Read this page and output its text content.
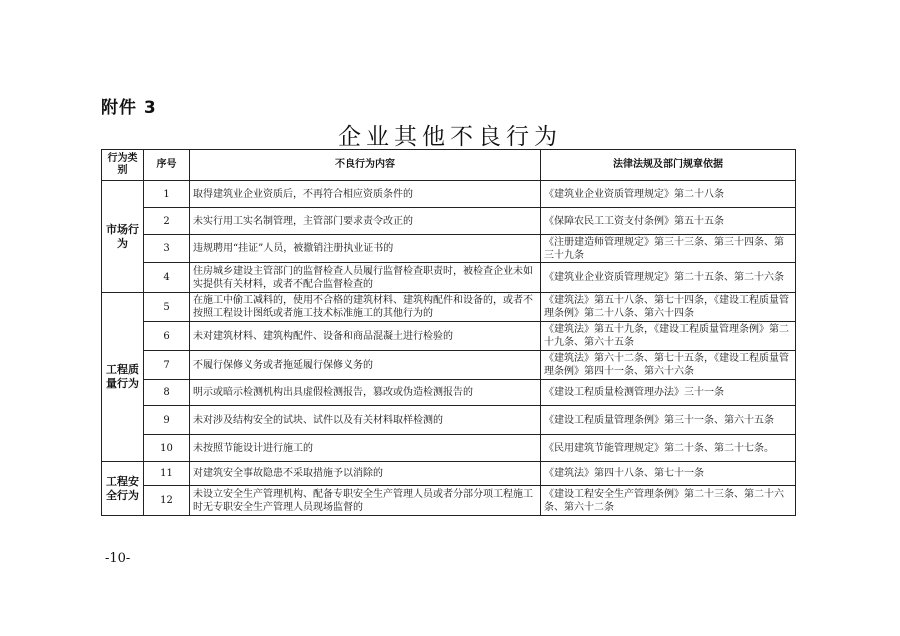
附件 3
企业其他不良行为
行为类别	序号	不良行为内容	法律法规及部门规章依据
市场行为	1	取得建筑业企业资质后，不再符合相应资质条件的	《建筑业企业资质管理规定》第二十八条
	2	未实行用工实名制管理，主管部门要求责令改正的	《保障农民工工资支付条例》第五十五条
	3	违规聘用“挂证”人员，被撤销注册执业证书的	《注册建造师管理规定》第三十三条、第三十四条、第三十九条
	4	住房城乡建设主管部门的监督检查人员履行监督检查职责时，被检查企业未如实提供有关材料，或者不配合监督检查的	《建筑业企业资质管理规定》第二十五条、第二十六条
工程质量行为	5	在施工中偷工减料的，使用不合格的建筑材料、建筑构配件和设备的，或者不按照工程设计图纸或者施工技术标准施工的其他行为的	《建筑法》第五十八条、第七十四条，《建设工程质量管理条例》第二十八条、第六十四条
	6	未对建筑材料、建筑构配件、设备和商品混凝土进行检验的	《建筑法》第五十九条，《建设工程质量管理条例》第二十九条、第六十五条
	7	不履行保修义务或者拖延履行保修义务的	《建筑法》第六十二条、第七十五条，《建设工程质量管理条例》第四十一条、第六十六条
	8	明示或暗示检测机构出具虚假检测报告，篡改或伪造检测报告的	《建设工程质量检测管理办法》三十一条
	9	未对涉及结构安全的试块、试件以及有关材料取样检测的	《建设工程质量管理条例》第三十一条、第六十五条
	10	未按照节能设计进行施工的	《民用建筑节能管理规定》第二十条、第二十七条。
工程安全行为	11	对建筑安全事故隐患不采取措施予以消除的	《建筑法》第四十八条、第七十一条
	12	未设立安全生产管理机构、配备专职安全生产管理人员或者分部分项工程施工时无专职安全生产管理人员现场监督的	《建设工程安全生产管理条例》第二十三条、第二十六条、第六十二条
-10-
